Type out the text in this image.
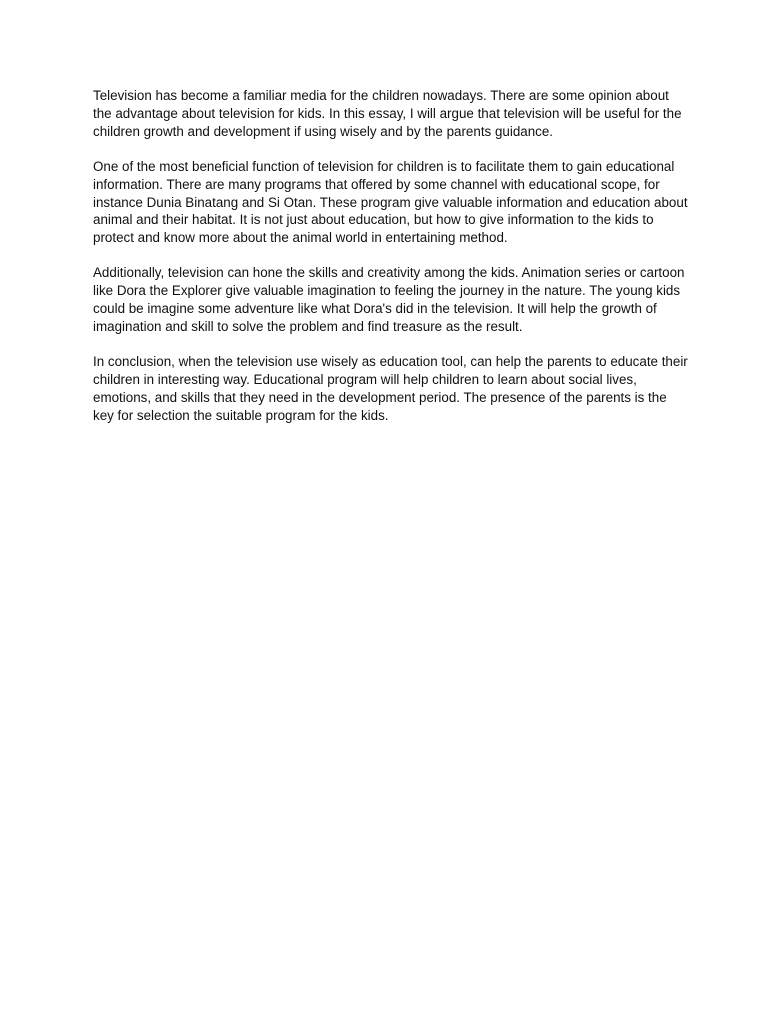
Television has become a familiar media for the children nowadays. There are some opinion about the advantage about television for kids. In this essay, I will argue that television will be useful for the children growth and development if using wisely and by the parents guidance.

One of the most beneficial function of television for children is to facilitate them to gain educational information. There are many programs that offered by some channel with educational scope, for instance Dunia Binatang and Si Otan. These program give valuable information and education about animal and their habitat. It is not just about education, but how to give information to the kids to protect and know more about the animal world in entertaining method.

Additionally, television can hone the skills and creativity among the kids. Animation series or cartoon like Dora the Explorer give valuable imagination to feeling the journey in the nature. The young kids could be imagine some adventure like what Dora's did in the television. It will help the growth of imagination and skill to solve the problem and find treasure as the result.

In conclusion, when the television use wisely as education tool, can help the parents to educate their children in interesting way. Educational program will help children to learn about social lives, emotions, and skills that they need in the development period. The presence of the parents is the key for selection the suitable program for the kids.
